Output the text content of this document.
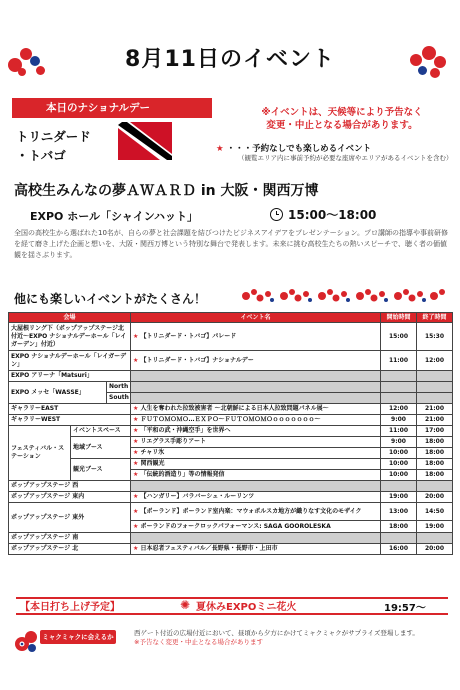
8月11日のイベント
本日のナショナルデー
トリニダード
・トバゴ
※イベントは、天候等により予告なく
変更・中止となる場合があります。
★ ・・・予約なしでも楽しめるイベント
（観覧エリア内に事前予約が必要な座席やエリアがあるイベントを含む）
高校生みんなの夢ＡＷＡＲＤ in 大阪・関西万博
EXPO ホール「シャインハット」	15:00～18:00
全国の高校生から選ばれた10名が、自らの夢と社会課題を結びつけたビジネスアイデアをプレゼンテーション。プロ講師の指導や事前研修を経て磨き上げた企画と想いを、大阪・関西万博という特別な舞台で発表します。未来に挑む高校生たちの熱いスピーチで、聴く者の価値観を揺さぶります。
他にも楽しいイベントがたくさん！
会場			イベント名	開始時間	終了時間
大屋根リング下（ポップアップステージ北付近～EXPO ナショナルデーホール「レイガーデン」付近）			★ 【トリニダード・トバゴ】パレード	15:00	15:30
EXPO ナショナルデーホール「レイガーデン」			★ 【トリニダード・トバゴ】ナショナルデー	11:00	12:00
EXPO アリーナ「Matsuri」					
EXPO メッセ「WASSE」		North			
		South			
ギャラリーEAST			★ 人生を奪われた拉致被害者 ～北朝鮮による日本人拉致問題パネル展～	12:00	21:00
ギャラリーWEST			★ ＦＵＴＯＭＯＭＯ…ＥＸＰＯ～ＦＵＴＯＭＯＭＯｏｏｏｏｏｏｏ～	9:00	21:00
フェスティバル・ステーション	イベントスペース		★ 「平和の武・沖縄空手」を世界へ	11:00	17:00
	地域ブース		★ リエグラス手彫りアート	9:00	18:00
			★ チャリ氷	10:00	18:00
	観光ブース		★ 関西観光	10:00	18:00
			★ 「伝統的酒造り」等の情報発信	10:00	18:00
ポップアップステージ 西					
ポップアップステージ 東内			★ 【ハンガリー】バラバーシュ・ルーリンツ	19:00	20:00
ポップアップステージ 東外			★ 【ポーランド】ポーランド室内楽：マウォポルスカ地方が織りなす文化のモザイク	13:00	14:50
			★ ポーランドのフォークロックパフォーマンス: SAGA GOOROLESKA	18:00	19:00
ポップアップステージ 南					
ポップアップステージ 北			★ 日本忍者フェスティバル／長野県・長野市・上田市	16:00	20:00
【本日打ち上げ予定】	✺ 夏休みEXPOミニ花火	19:57～
ミャクミャクに会えるかも!!
西ゲート付近の広場付近において、昼頃から夕方にかけてミャクミャクがサプライズ登場します。
※予告なく変更・中止となる場合があります
